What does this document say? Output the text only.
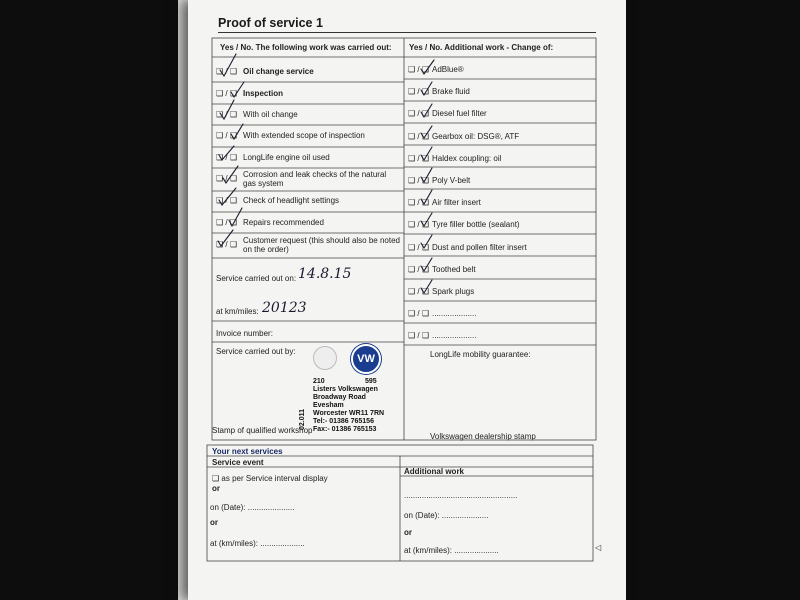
Proof of service 1
Yes / No. The following work was carried out: Yes / No. Additional work - Change of:
❑ / ❑ Oil change service
❑ / ❑ Inspection
❑ / ❑ With oil change
❑ / ❑ With extended scope of inspection
❑ / ❑ LongLife engine oil used
❑ / ❑ Corrosion and leak checks of the natural gas system
❑ / ❑ Check of headlight settings
❑ / ❑ Repairs recommended
❑ / ❑ Customer request (this should also be noted on the order)
❑ / ❑ AdBlue®
❑ / ❑ Brake fluid
❑ / ❑ Diesel fuel filter
❑ / ❑ Gearbox oil: DSG®, ATF
❑ / ❑ Haldex coupling: oil
❑ / ❑ Poly V-belt
❑ / ❑ Air filter insert
❑ / ❑ Tyre filler bottle (sealant)
❑ / ❑ Dust and pollen filter insert
❑ / ❑ Toothed belt
❑ / ❑ Spark plugs
❑ / ❑ ....................
❑ / ❑ ....................
Service carried out on: 14.8.15
at km/miles: 20123
Invoice number:
Service carried out by:
Stamp of qualified workshop
LongLife mobility guarantee:
Volkswagen dealership stamp
VW
210	595
Listers Volkswagen
Broadway Road
Evesham
Worcester WR11 7RN
Tel:- 01386 765156
Fax:- 01386 765153
02.011
Your next services
Service event
Additional work
❑ as per Service interval display
or
on (Date): .....................
or
at (km/miles): ....................
...................................................
on (Date): .....................
or
at (km/miles): ....................	◁
